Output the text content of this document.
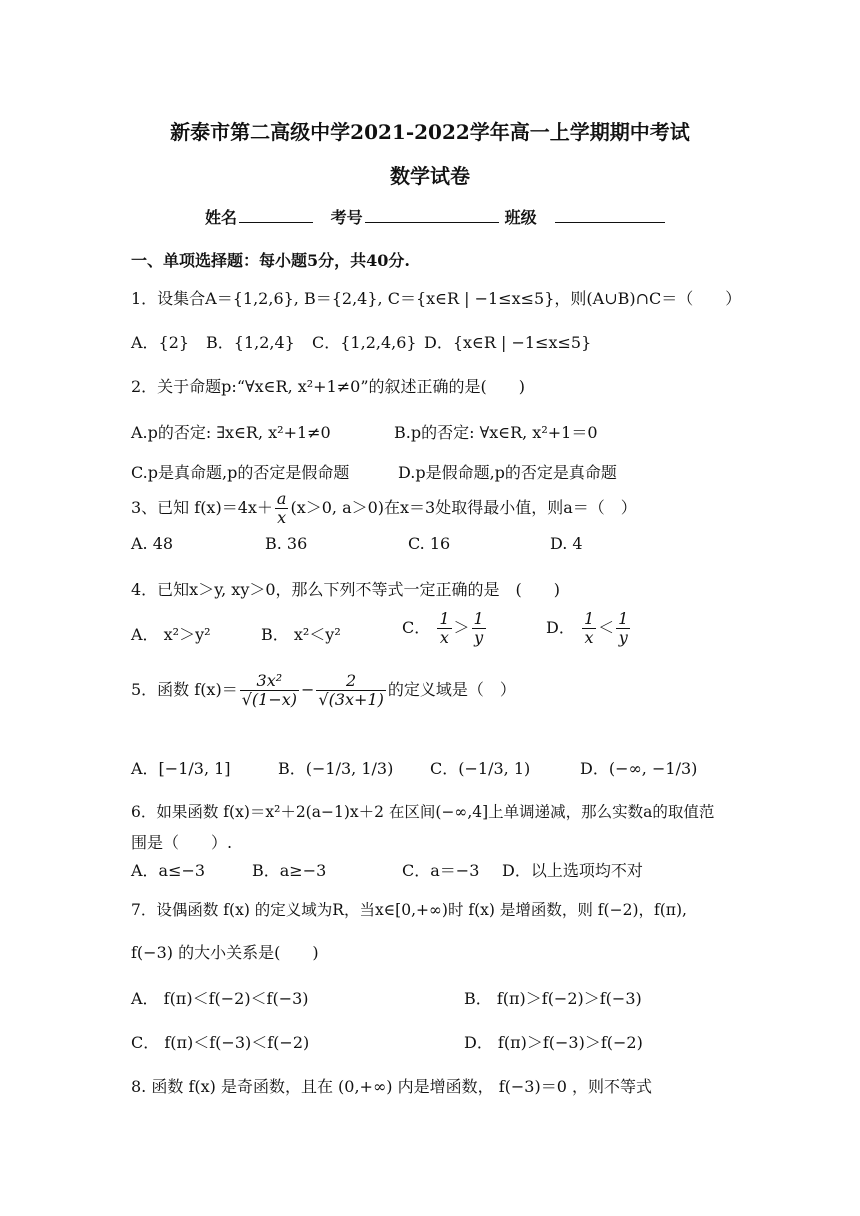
新泰市第二高级中学2021-2022学年高一上学期期中考试
数学试卷
姓名	考号	班级
一、单项选择题：每小题5分，共40分.
1．设集合A＝{1,2,6}, B＝{2,4}, C＝{x∈R | −1≤x≤5}，则(A∪B)∩C＝（　　）
A．{2} B．{1,2,4} C．{1,2,4,6} D．{x∈R | −1≤x≤5}
2．关于命题p:“∀x∈R, x²+1≠0”的叙述正确的是(　　)
A.p的否定: ∃x∈R, x²+1≠0	B.p的否定: ∀x∈R, x²+1＝0
C.p是真命题,p的否定是假命题	D.p是假命题,p的否定是真命题
3、已知 $f(x)=4x+ \frac{a}{x} (x>0$, a＞0)在x＝3处取得最小值，则a＝（　）
A. 48	B. 36	C. 16	D. 4
4．已知x＞y, xy＞0，那么下列不等式一定正确的是　(　　)
A． x²＞y²	B． x²＜y²	C． $\frac{1}{x} > \frac{1}{y}$	D． $\frac{1}{x} < \frac{1}{y}$
5．函数 $f(x)= \frac{\text{3x²}}{√(1-x)} - \frac{2}{√(3x+1)}$ 的定义域是（　）
A．[−1/3, 1]	B．(−1/3, 1/3) C．(−1/3, 1)	D．(−∞, −1/3)
6．如果函数 f(x)＝x²＋2(a−1)x＋2 在区间(−∞,4]上单调递减，那么实数a的取值范
围是（　　）.
A．a≤−3	B．a≥−3	C．a＝−3 D．以上选项均不对
7．设偶函数 f(x) 的定义域为R，当x∈[0,+∞)时 f(x) 是增函数，则 f(−2)，f(π),
f(−3) 的大小关系是(　　)
A． f(π)＜f(−2)＜f(−3)	B． f(π)＞f(−2)＞f(−3)
C． f(π)＜f(−3)＜f(−2)	D． f(π)＞f(−3)＞f(−2)
8. 函数 f(x) 是奇函数，且在 (0,+∞) 内是增函数， f(−3)＝0 ，则不等式
